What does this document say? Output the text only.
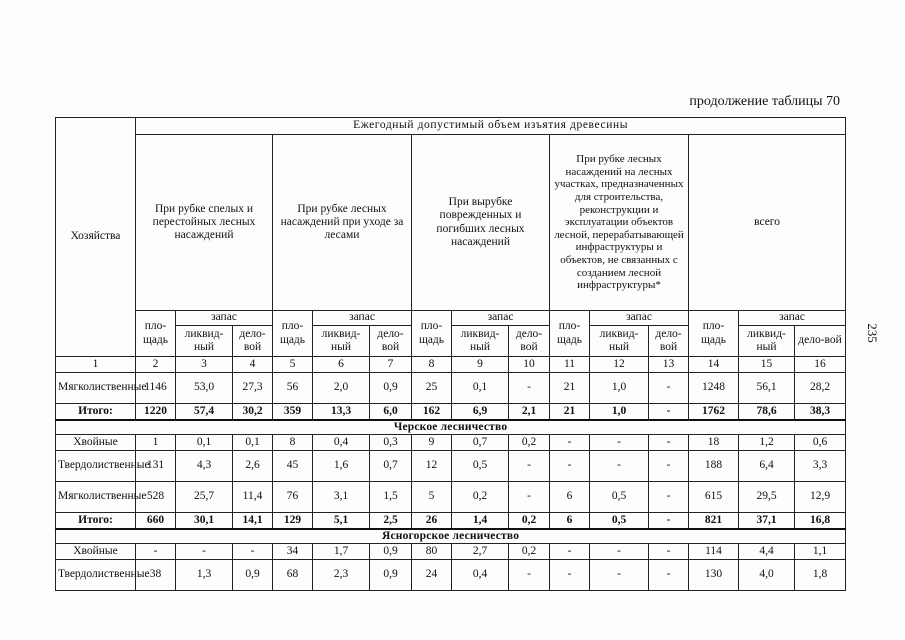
продолжение таблицы 70
235
Хозяйства	Ежегодный допустимый объем изъятия древесины														
	При рубке спелых и перестойных лесных насаждений			При рубке лесных насаждений при уходе за лесами			При вырубке поврежденных и погибших лесных насаждений			При рубке лесных насаждений на лесных участках, предназначенных для строительства, реконструкции и эксплуатации объектов лесной, перерабатывающей инфраструктуры и объектов, не связанных с созданием лесной инфраструктуры*			всего		
	пло-щадь	запас		пло-щадь	запас		пло-щадь	запас		пло-щадь	запас		пло-щадь	запас	
		ликвид-ный	дело-вой		ликвид-ный	дело-вой		ликвид-ный	дело-вой		ликвид-ный	дело-вой		ликвид-ный	дело-вой
1	2	3	4	5	6	7	8	9	10	11	12	13	14	15	16
Мягколиственные	1146	53,0	27,3	56	2,0	0,9	25	0,1	-	21	1,0	-	1248	56,1	28,2
Итого:	1220	57,4	30,2	359	13,3	6,0	162	6,9	2,1	21	1,0	-	1762	78,6	38,3
Черское лесничество															
Хвойные	1	0,1	0,1	8	0,4	0,3	9	0,7	0,2	-	-	-	18	1,2	0,6
Твердолиственные	131	4,3	2,6	45	1,6	0,7	12	0,5	-	-	-	-	188	6,4	3,3
Мягколиственные	528	25,7	11,4	76	3,1	1,5	5	0,2	-	6	0,5	-	615	29,5	12,9
Итого:	660	30,1	14,1	129	5,1	2,5	26	1,4	0,2	6	0,5	-	821	37,1	16,8
Ясногорское лесничество															
Хвойные	-	-	-	34	1,7	0,9	80	2,7	0,2	-	-	-	114	4,4	1,1
Твердолиственные	38	1,3	0,9	68	2,3	0,9	24	0,4	-	-	-	-	130	4,0	1,8
